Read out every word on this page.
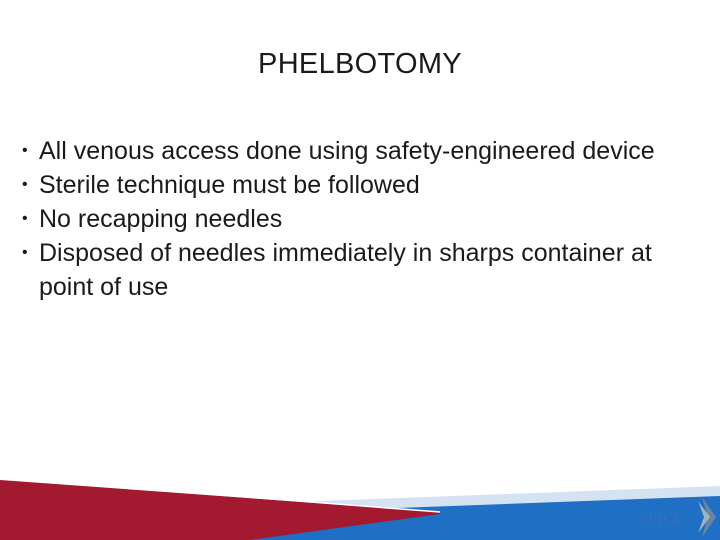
PHELBOTOMY
• All venous access done using safety-engineered device
• Sterile technique must be followed
• No recapping needles
• Disposed of needles immediately in sharps container at point of use
SPICE
